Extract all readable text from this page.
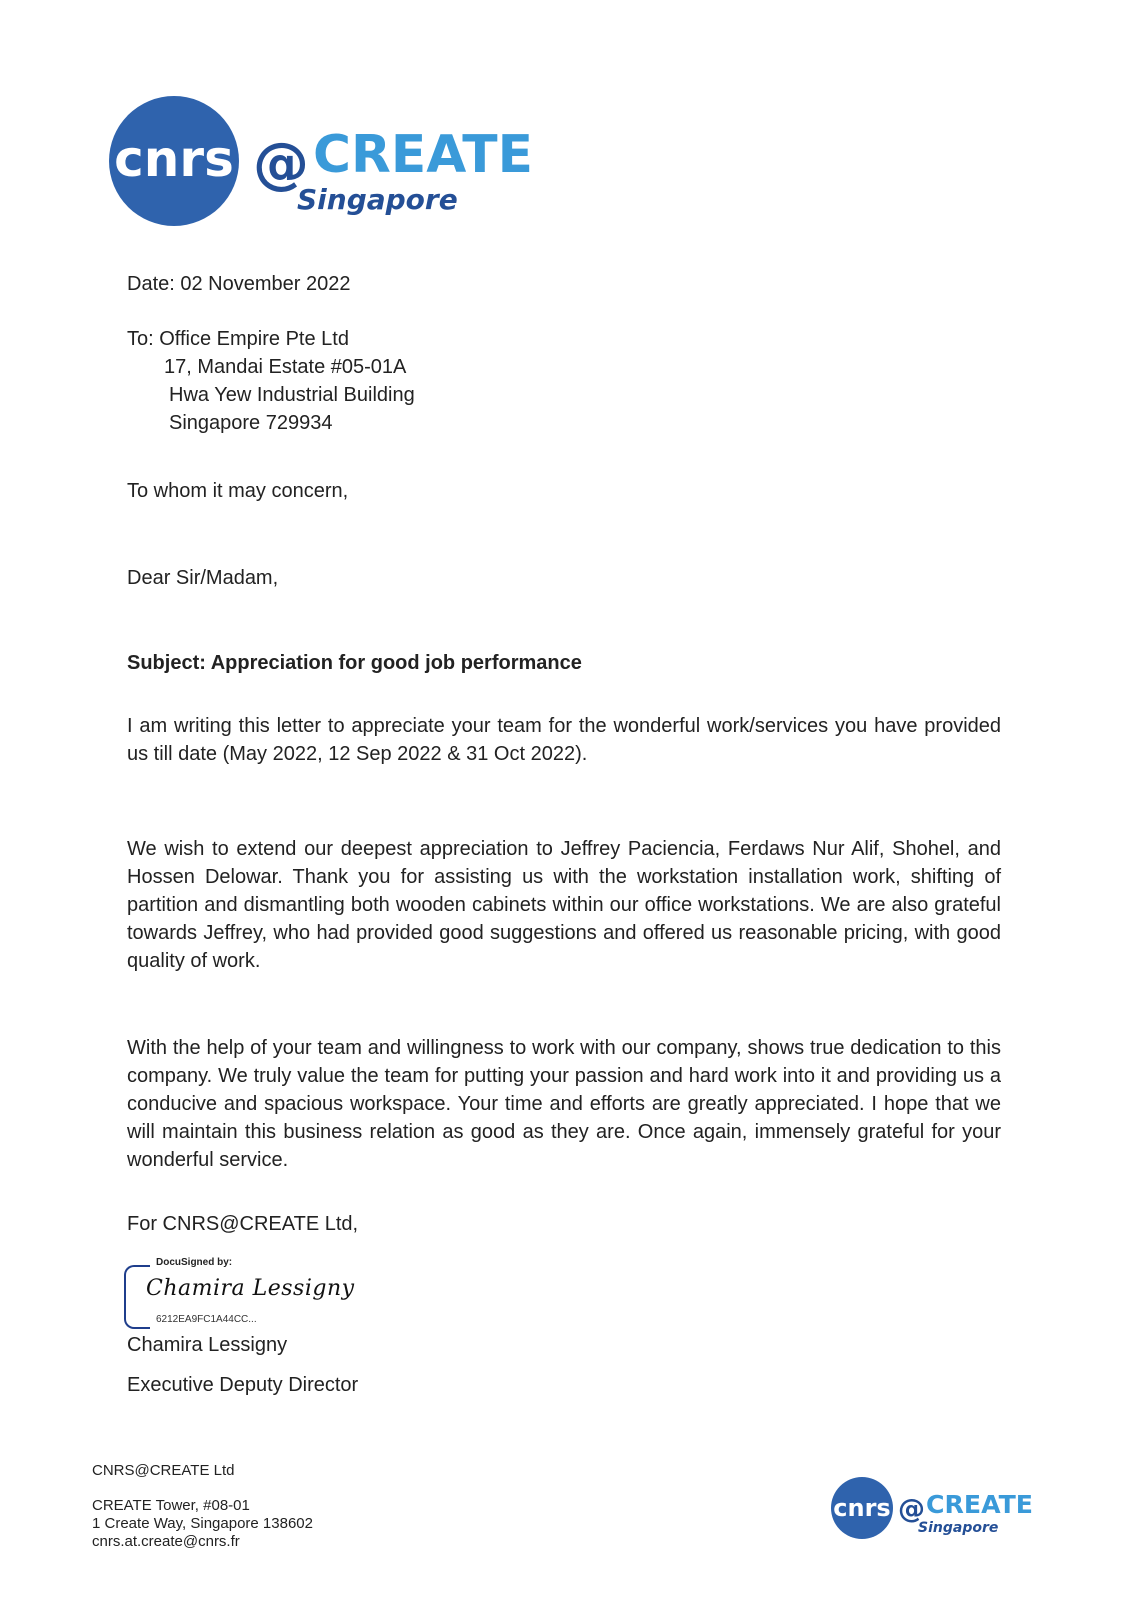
cnrs @ CREATE
Singapore
Date: 02 November 2022

To: Office Empire Pte Ltd

17, Mandai Estate #05-01A

Hwa Yew Industrial Building

Singapore 729934

To whom it may concern,
Dear Sir/Madam,
Subject: Appreciation for good job performance

I am writing this letter to appreciate your team for the wonderful work/services you have provided us till date (May 2022, 12 Sep 2022 & 31 Oct 2022).

We wish to extend our deepest appreciation to Jeffrey Paciencia, Ferdaws Nur Alif, Shohel, and Hossen Delowar. Thank you for assisting us with the workstation installation work, shifting of partition and dismantling both wooden cabinets within our office workstations. We are also grateful towards Jeffrey, who had provided good suggestions and offered us reasonable pricing, with good quality of work.

With the help of your team and willingness to work with our company, shows true dedication to this company. We truly value the team for putting your passion and hard work into it and providing us a conducive and spacious workspace. Your time and efforts are greatly appreciated. I hope that we will maintain this business relation as good as they are. Once again, immensely grateful for your wonderful service.

For CNRS@CREATE Ltd,
DocuSigned by:
Chamira Lessigny
6212EA9FC1A44CC...
Chamira Lessigny
Executive Deputy Director
CNRS@CREATE Ltd

CREATE Tower, #08-01

1 Create Way, Singapore 138602

cnrs.at.create@cnrs.fr

cnrs @ CREATE
Singapore
